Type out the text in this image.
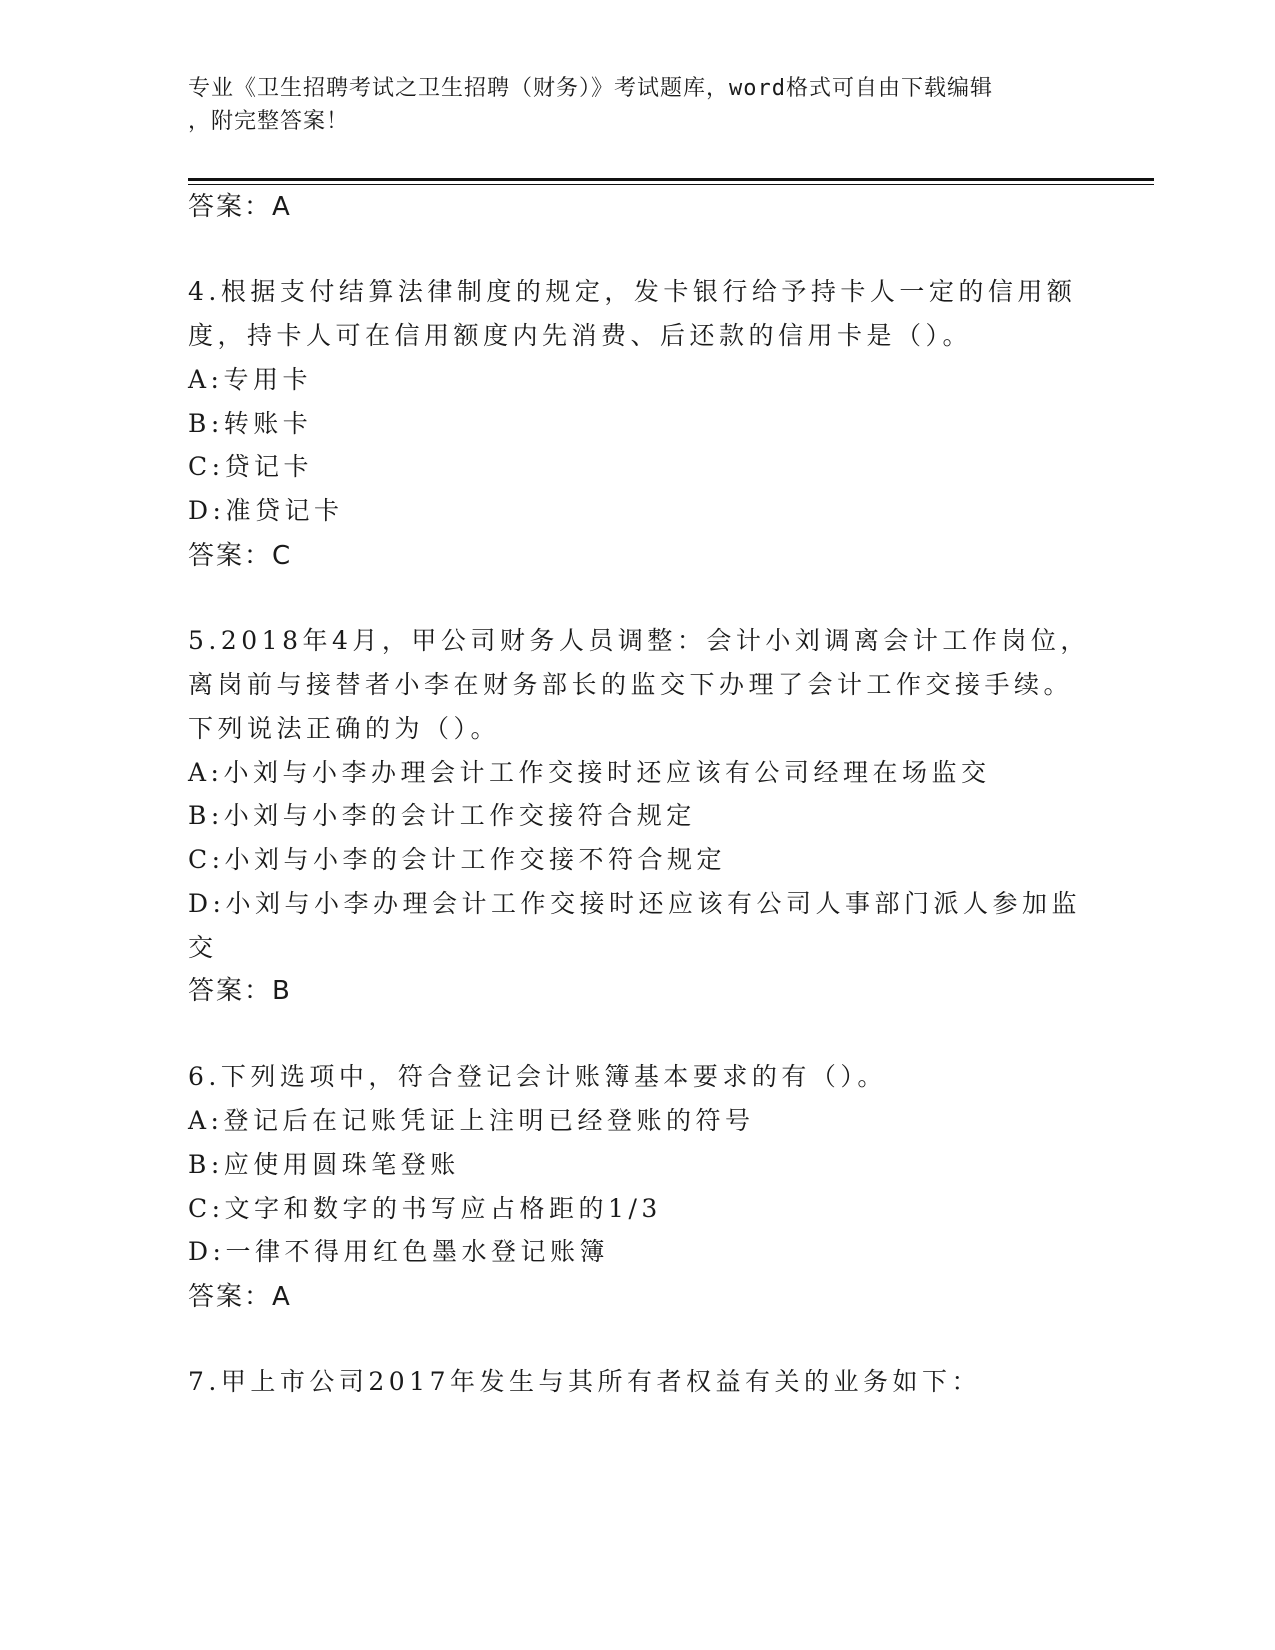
专业《卫生招聘考试之卫生招聘（财务）》考试题库，word格式可自由下载编辑
，附完整答案！
答案：A
4.根据支付结算法律制度的规定，发卡银行给予持卡人一定的信用额
度，持卡人可在信用额度内先消费、后还款的信用卡是（）。
A:专用卡
B:转账卡
C:贷记卡
D:准贷记卡
答案：C
5.2018年4月，甲公司财务人员调整：会计小刘调离会计工作岗位，
离岗前与接替者小李在财务部长的监交下办理了会计工作交接手续。
下列说法正确的为（）。
A:小刘与小李办理会计工作交接时还应该有公司经理在场监交
B:小刘与小李的会计工作交接符合规定
C:小刘与小李的会计工作交接不符合规定
D:小刘与小李办理会计工作交接时还应该有公司人事部门派人参加监
交
答案：B
6.下列选项中，符合登记会计账簿基本要求的有（）。
A:登记后在记账凭证上注明已经登账的符号
B:应使用圆珠笔登账
C:文字和数字的书写应占格距的1/3
D:一律不得用红色墨水登记账簿
答案：A
7.甲上市公司2017年发生与其所有者权益有关的业务如下：
